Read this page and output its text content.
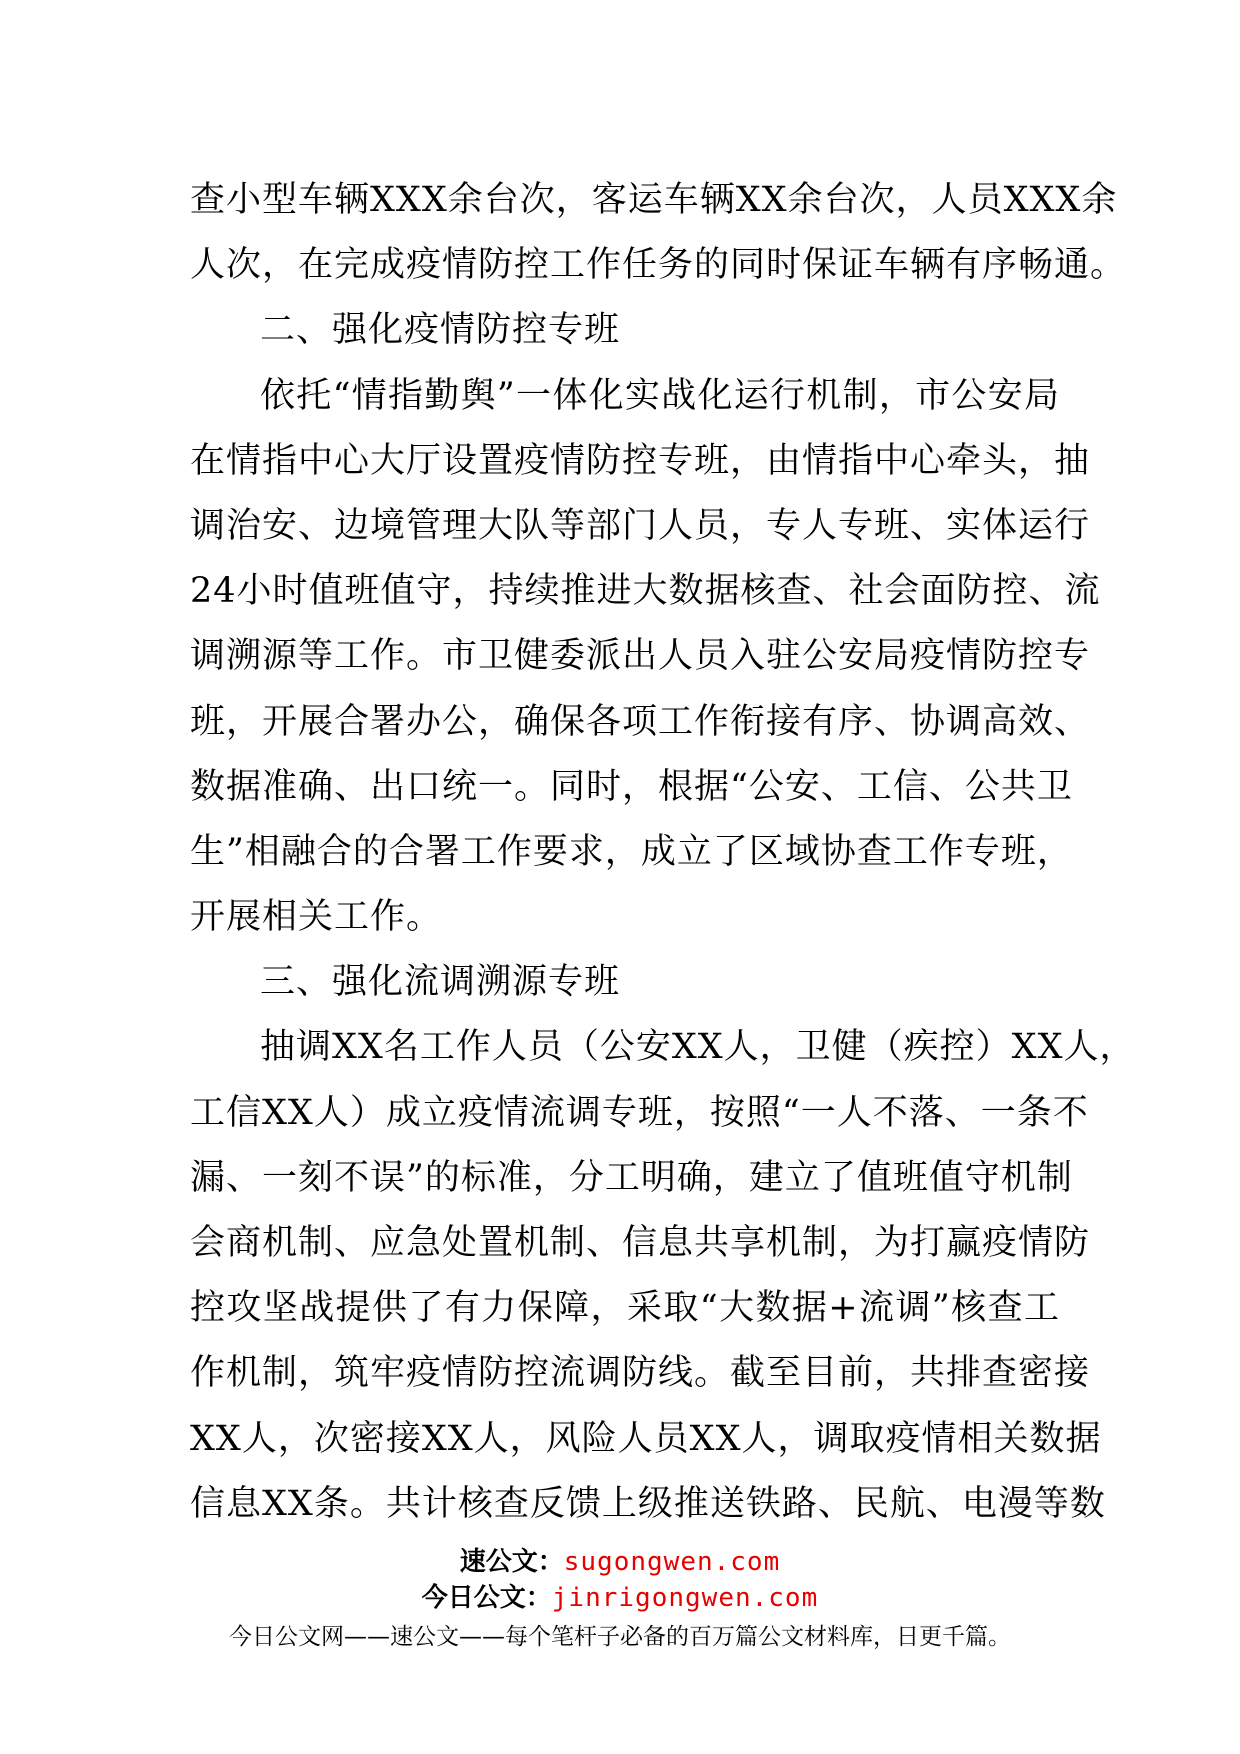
查小型车辆XXX余台次，客运车辆XX余台次，人员XXX余
人次，在完成疫情防控工作任务的同时保证车辆有序畅通。
二、强化疫情防控专班
依托“情指勤舆”一体化实战化运行机制，市公安局
在情指中心大厅设置疫情防控专班，由情指中心牵头，抽
调治安、边境管理大队等部门人员，专人专班、实体运行
24小时值班值守，持续推进大数据核查、社会面防控、流
调溯源等工作。市卫健委派出人员入驻公安局疫情防控专
班，开展合署办公，确保各项工作衔接有序、协调高效、
数据准确、出口统一。同时，根据“公安、工信、公共卫
生”相融合的合署工作要求，成立了区域协查工作专班，
开展相关工作。
三、强化流调溯源专班
抽调XX名工作人员（公安XX人，卫健（疾控）XX人，
工信XX人）成立疫情流调专班，按照“一人不落、一条不
漏、一刻不误”的标准，分工明确，建立了值班值守机制
会商机制、应急处置机制、信息共享机制，为打赢疫情防
控攻坚战提供了有力保障，采取“大数据+流调”核查工
作机制，筑牢疫情防控流调防线。截至目前，共排查密接
XX人，次密接XX人，风险人员XX人，调取疫情相关数据
信息XX条。共计核查反馈上级推送铁路、民航、电漫等数
速公文：sugongwen.com
今日公文：jinrigongwen.com
今日公文网——速公文——每个笔杆子必备的百万篇公文材料库，日更千篇。
